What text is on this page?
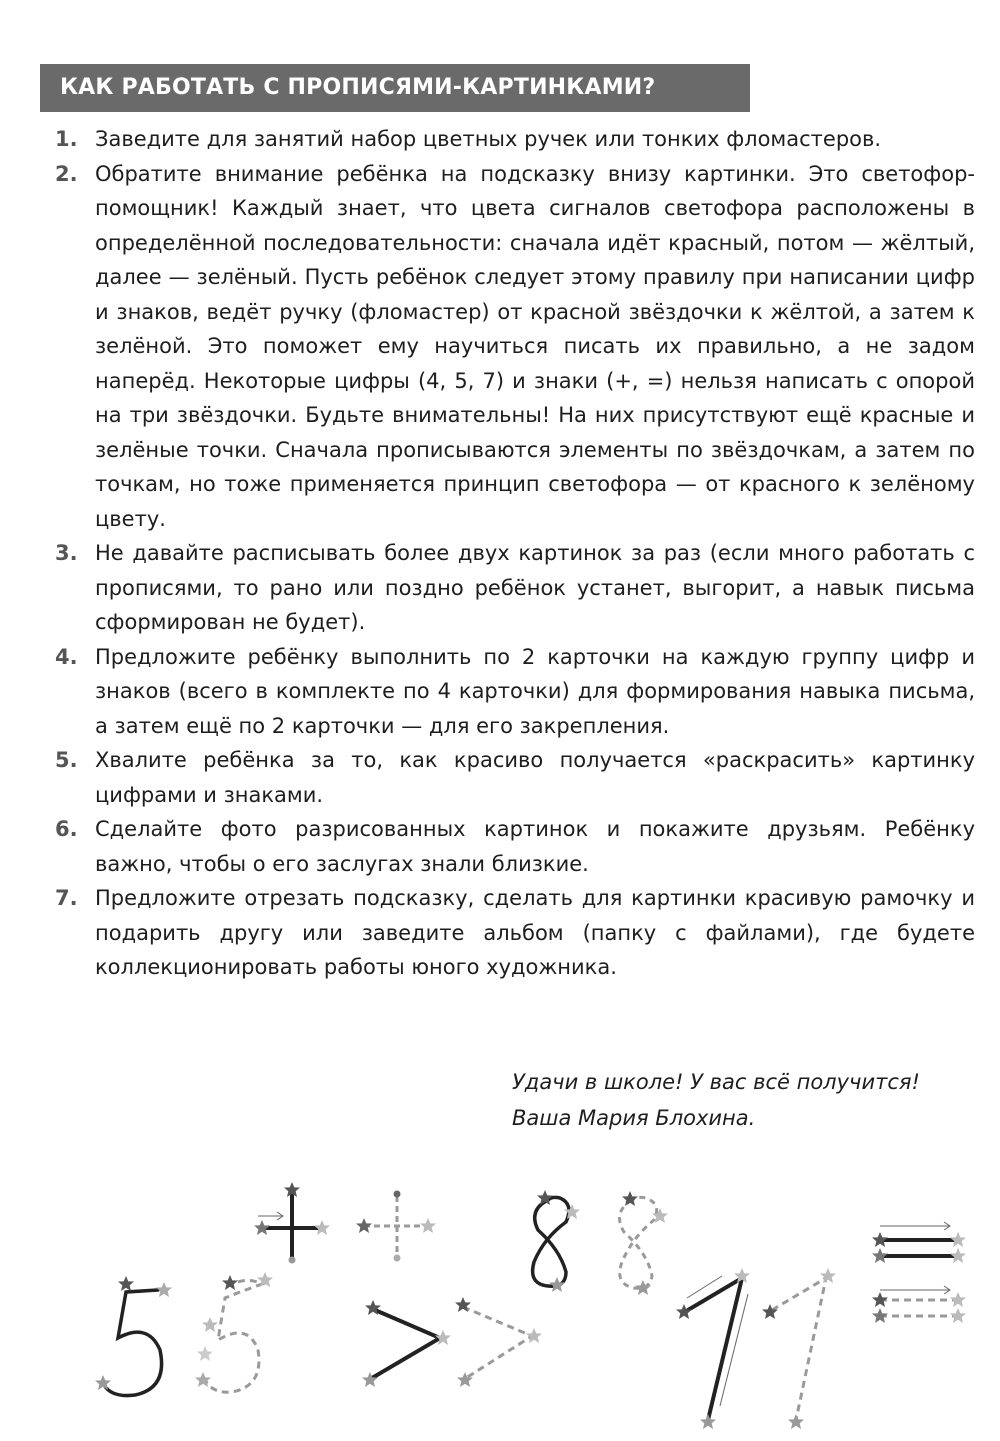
КАК РАБОТАТЬ С ПРОПИСЯМИ-КАРТИНКАМИ?
1. Заведите для занятий набор цветных ручек или тонких фломастеров.
2. Обратите внимание ребёнка на подсказку внизу картинки. Это светофор-помощник! Каждый знает, что цвета сигналов светофора расположены в определённой последовательности: сначала идёт красный, потом — жёлтый, далее — зелёный. Пусть ребёнок следует этому правилу при написании цифр и знаков, ведёт ручку (фломастер) от красной звёздочки к жёлтой, а затем к зелёной. Это поможет ему научиться писать их правильно, а не задом наперёд. Некоторые цифры (4, 5, 7) и знаки (+, =) нельзя написать с опорой на три звёздочки. Будьте внимательны! На них присутствуют ещё красные и зелёные точки. Сначала прописываются элементы по звёздочкам, а затем по точкам, но тоже применяется принцип светофора — от красного к зелёному цвету.
3. Не давайте расписывать более двух картинок за раз (если много работать с прописями, то рано или поздно ребёнок устанет, выгорит, а навык письма сформирован не будет).
4. Предложите ребёнку выполнить по 2 карточки на каждую группу цифр и знаков (всего в комплекте по 4 карточки) для формирования навыка письма, а затем ещё по 2 карточки — для его закрепления.
5. Хвалите ребёнка за то, как красиво получается «раскрасить» картинку цифрами и знаками.
6. Сделайте фото разрисованных картинок и покажите друзьям. Ребёнку важно, чтобы о его заслугах знали близкие.
7. Предложите отрезать подсказку, сделать для картинки красивую рамочку и подарить другу или заведите альбом (папку с файлами), где будете коллекционировать работы юного художника.
Удачи в школе! У вас всё получится!
Ваша Мария Блохина.
